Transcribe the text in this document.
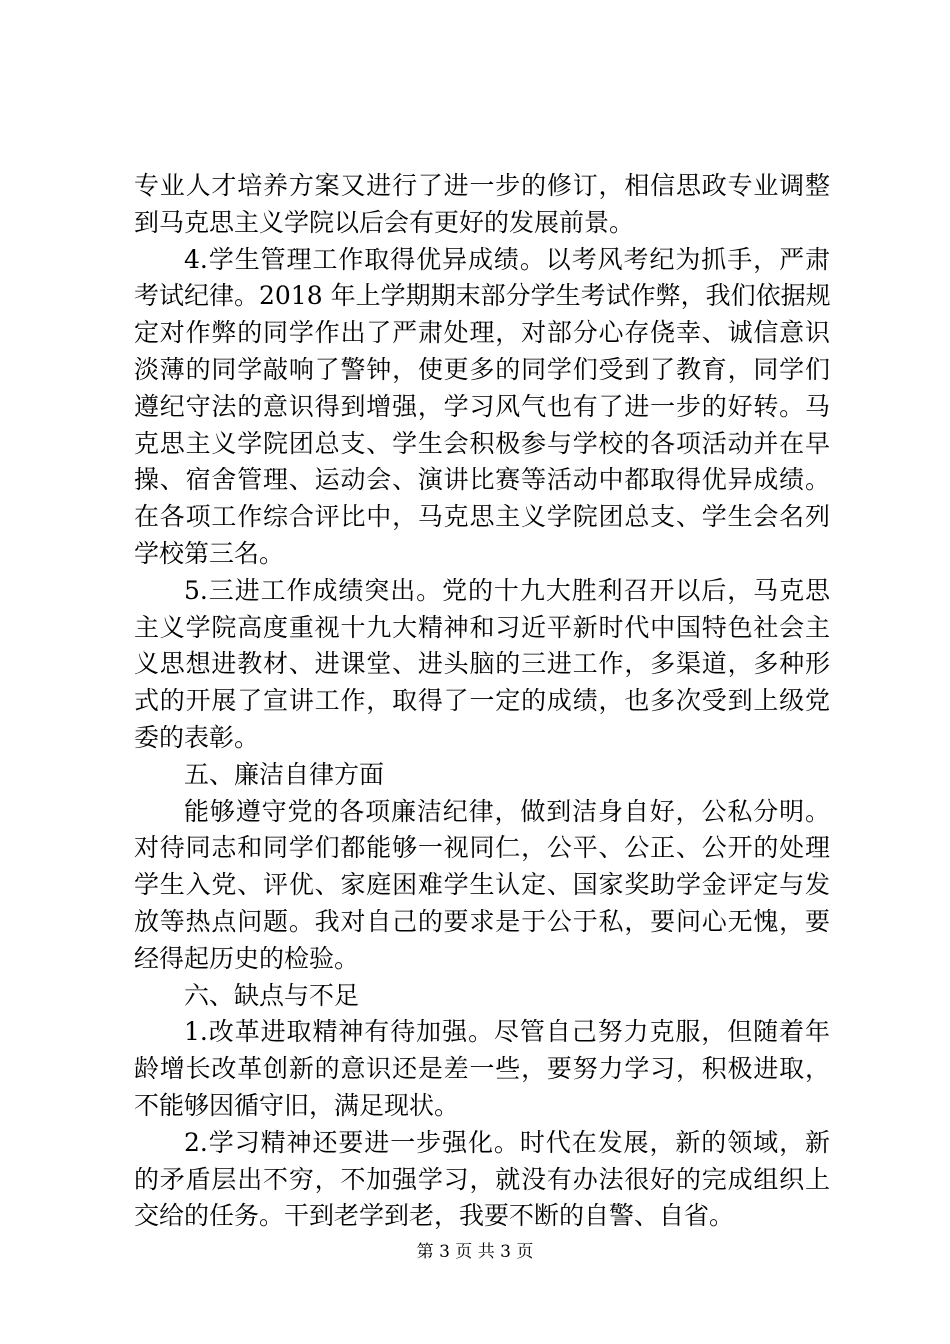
专业人才培养方案又进行了进一步的修订，相信思政专业调整
到马克思主义学院以后会有更好的发展前景。
4.学生管理工作取得优异成绩。以考风考纪为抓手，严肃
考试纪律。2018 年上学期期末部分学生考试作弊，我们依据规
定对作弊的同学作出了严肃处理，对部分心存侥幸、诚信意识
淡薄的同学敲响了警钟，使更多的同学们受到了教育，同学们
遵纪守法的意识得到增强，学习风气也有了进一步的好转。马
克思主义学院团总支、学生会积极参与学校的各项活动并在早
操、宿舍管理、运动会、演讲比赛等活动中都取得优异成绩。
在各项工作综合评比中，马克思主义学院团总支、学生会名列
学校第三名。
5.三进工作成绩突出。党的十九大胜利召开以后，马克思
主义学院高度重视十九大精神和习近平新时代中国特色社会主
义思想进教材、进课堂、进头脑的三进工作，多渠道，多种形
式的开展了宣讲工作，取得了一定的成绩，也多次受到上级党
委的表彰。
五、廉洁自律方面
能够遵守党的各项廉洁纪律，做到洁身自好，公私分明。
对待同志和同学们都能够一视同仁，公平、公正、公开的处理
学生入党、评优、家庭困难学生认定、国家奖助学金评定与发
放等热点问题。我对自己的要求是于公于私，要问心无愧，要
经得起历史的检验。
六、缺点与不足
1.改革进取精神有待加强。尽管自己努力克服，但随着年
龄增长改革创新的意识还是差一些，要努力学习，积极进取，
不能够因循守旧，满足现状。
2.学习精神还要进一步强化。时代在发展，新的领域，新
的矛盾层出不穷，不加强学习，就没有办法很好的完成组织上
交给的任务。干到老学到老，我要不断的自警、自省。
第 3 页 共 3 页
